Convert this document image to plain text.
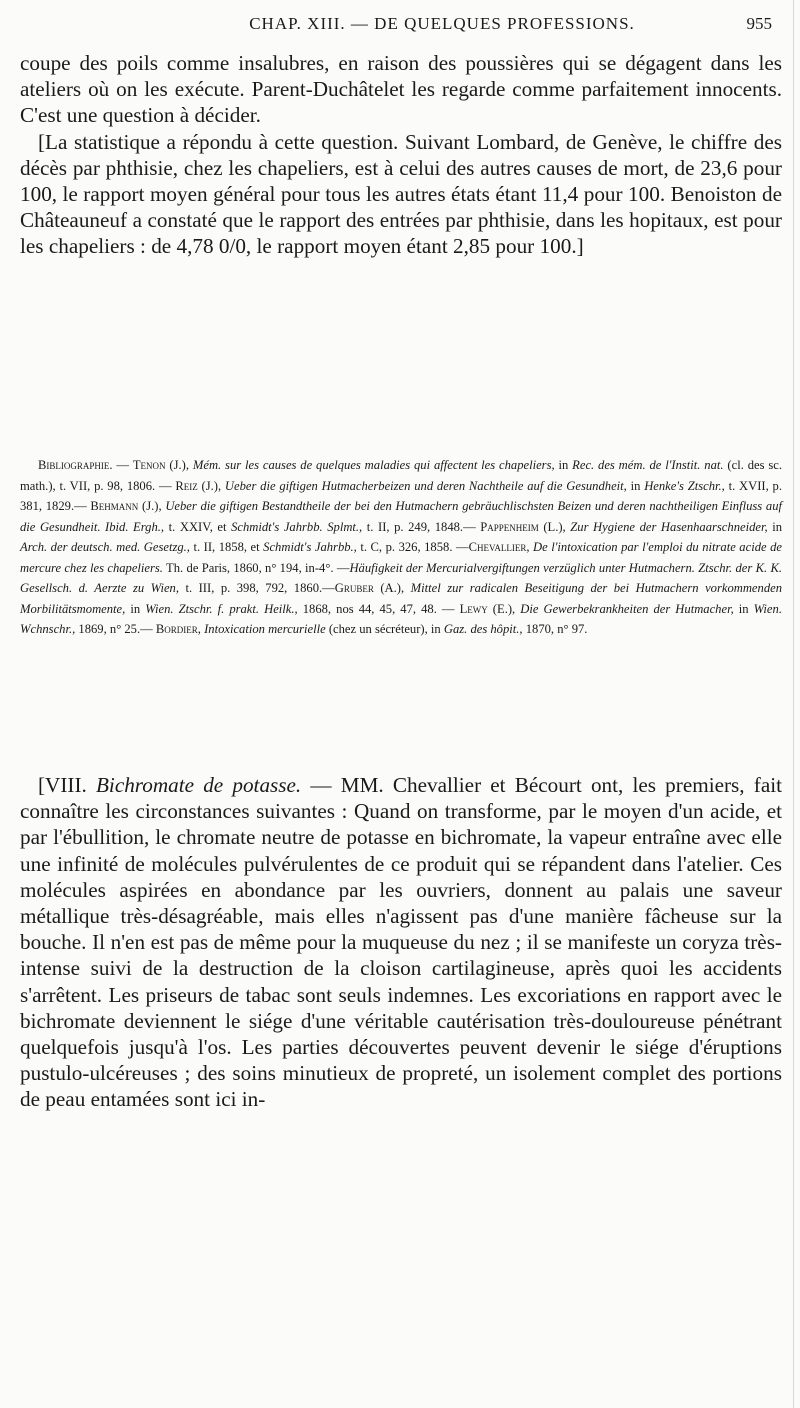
CHAP. XIII. — DE QUELQUES PROFESSIONS.	955

coupe des poils comme insalubres, en raison des poussières qui se dégagent dans les ateliers où on les exécute. Parent-Duchâtelet les regarde comme parfaitement innocents. C'est une question à décider.

[La statistique a répondu à cette question. Suivant Lombard, de Genève, le chiffre des décès par phthisie, chez les chapeliers, est à celui des autres causes de mort, de 23,6 pour 100, le rapport moyen général pour tous les autres états étant 11,4 pour 100. Benoiston de Châteauneuf a constaté que le rapport des entrées par phthisie, dans les hopitaux, est pour les chapeliers : de 4,78 0/0, le rapport moyen étant 2,85 pour 100.]

Bibliographie. — Tenon (J.), Mém. sur les causes de quelques maladies qui affectent les chapeliers, in Rec. des mém. de l'Instit. nat. (cl. des sc. math.), t. VII, p. 98, 1806. — Reiz (J.), Ueber die giftigen Hutmacherbeizen und deren Nachtheile auf die Gesundheit, in Henke's Ztschr., t. XVII, p. 381, 1829.— Behmann (J.), Ueber die giftigen Bestandtheile der bei den Hutmachern gebräuchlischsten Beizen und deren nachtheiligen Einfluss auf die Gesundheit. Ibid. Ergh., t. XXIV, et Schmidt's Jahrbb. Splmt., t. II, p. 249, 1848.— Pappenheim (L.), Zur Hygiene der Hasenhaarschneider, in Arch. der deutsch. med. Gesetzg., t. II, 1858, et Schmidt's Jahrbb., t. C, p. 326, 1858. —Chevallier, De l'intoxication par l'emploi du nitrate acide de mercure chez les chapeliers. Th. de Paris, 1860, n° 194, in-4°. —Häufigkeit der Mercurialvergiftungen verzüglich unter Hutmachern. Ztschr. der K. K. Gesellsch. d. Aerzte zu Wien, t. III, p. 398, 792, 1860.—Gruber (A.), Mittel zur radicalen Beseitigung der bei Hutmachern vorkommenden Morbilitätsmomente, in Wien. Ztschr. f. prakt. Heilk., 1868, nos 44, 45, 47, 48. — Lewy (E.), Die Gewerbekrankheiten der Hutmacher, in Wien. Wchnschr., 1869, n° 25.— Bordier, Intoxication mercurielle (chez un sécréteur), in Gaz. des hôpit., 1870, n° 97.

[VIII. Bichromate de potasse. — MM. Chevallier et Bécourt ont, les premiers, fait connaître les circonstances suivantes : Quand on transforme, par le moyen d'un acide, et par l'ébullition, le chromate neutre de potasse en bichromate, la vapeur entraîne avec elle une infinité de molécules pulvérulentes de ce produit qui se répandent dans l'atelier. Ces molécules aspirées en abondance par les ouvriers, donnent au palais une saveur métallique très-désagréable, mais elles n'agissent pas d'une manière fâcheuse sur la bouche. Il n'en est pas de même pour la muqueuse du nez ; il se manifeste un coryza très-intense suivi de la destruction de la cloison cartilagineuse, après quoi les accidents s'arrêtent. Les priseurs de tabac sont seuls indemnes. Les excoriations en rapport avec le bichromate deviennent le siége d'une véritable cautérisation très-douloureuse pénétrant quelquefois jusqu'à l'os. Les parties découvertes peuvent devenir le siége d'éruptions pustulo-ulcéreuses ; des soins minutieux de propreté, un isolement complet des portions de peau entamées sont ici in-
